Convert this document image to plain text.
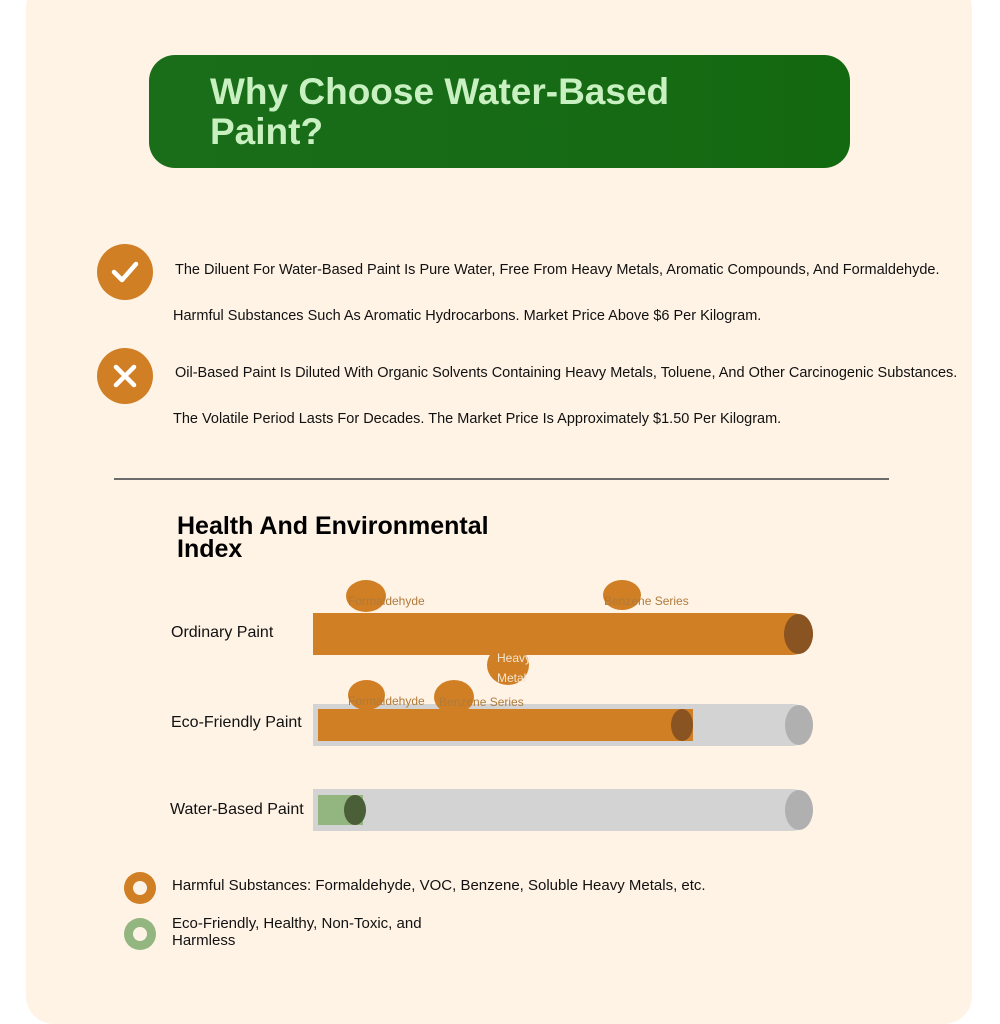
Why Choose Water-Based Paint?
The Diluent For Water-Based Paint Is Pure Water, Free From Heavy Metals, Aromatic Compounds, And Formaldehyde.
Harmful Substances Such As Aromatic Hydrocarbons. Market Price Above $6 Per Kilogram.
Oil-Based Paint Is Diluted With Organic Solvents Containing Heavy Metals, Toluene, And Other Carcinogenic Substances.
The Volatile Period Lasts For Decades. The Market Price Is Approximately $1.50 Per Kilogram.
Health And Environmental Index
Ordinary Paint
Formaldehyde	Benzene Series
Heavy Metal
Eco-Friendly Paint
Formaldehyde Benzene Series
Water-Based Paint
Harmful Substances: Formaldehyde, VOC, Benzene, Soluble Heavy Metals, etc.
Eco-Friendly, Healthy, Non-Toxic, and Harmless
